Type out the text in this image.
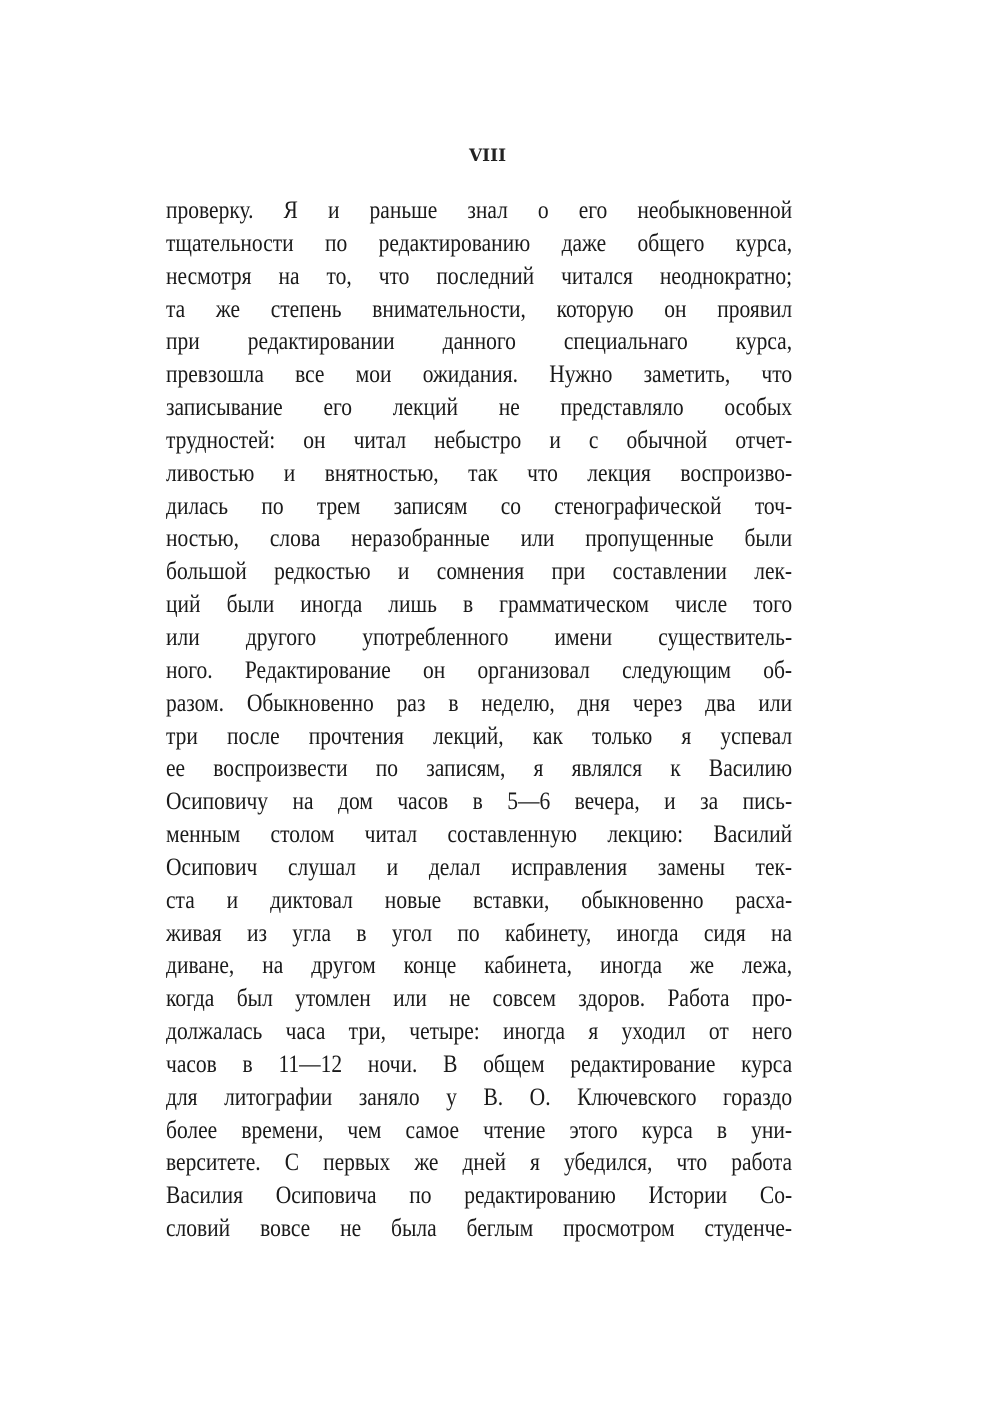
VIII
проверку. Я и раньше знал о его необыкновенной
тщательности по редактированию даже общего курса,
несмотря на то, что последний читался неоднократно;
та же степень внимательности, которую он проявил
при редактировании данного специальнаго курса,
превзошла все мои ожидания. Нужно заметить, что
записывание его лекций не представляло особых
трудностей: он читал небыстро и с обычной отчет-
ливостью и внятностью, так что лекция воспроизво-
дилась по трем записям со стенографической точ-
ностью, слова неразобранные или пропущенные были
большой редкостью и сомнения при составлении лек-
ций были иногда лишь в грамматическом числе того
или другого употребленного имени существитель-
ного. Редактирование он организовал следующим об-
разом. Обыкновенно раз в неделю, дня через два или
три после прочтения лекций, как только я успевал
ее воспроизвести по записям, я являлся к Василию
Осиповичу на дом часов в 5—6 вечера, и за пись-
менным столом читал составленную лекцию: Василий
Осипович слушал и делал исправления замены тек-
ста и диктовал новые вставки, обыкновенно расха-
живая из угла в угол по кабинету, иногда сидя на
диване, на другом конце кабинета, иногда же лежа,
когда был утомлен или не совсем здоров. Работа про-
должалась часа три, четыре: иногда я уходил от него
часов в 11—12 ночи. В общем редактирование курса
для литографии заняло у В. О. Ключевского гораздо
более времени, чем самое чтение этого курса в уни-
верситете. С первых же дней я убедился, что работа
Василия Осиповича по редактированию Истории Со-
словий вовсе не была беглым просмотром студенче-
